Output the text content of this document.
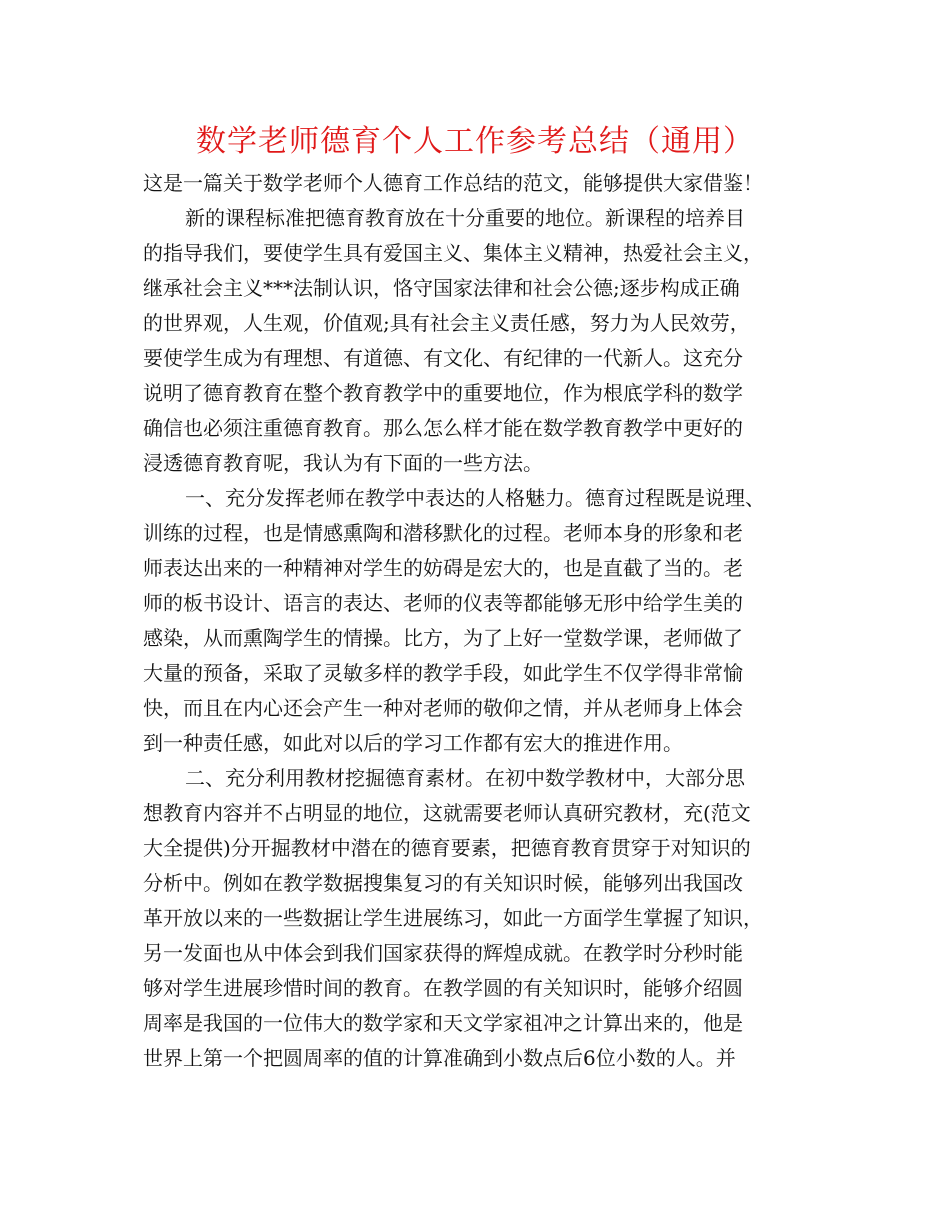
数学老师德育个人工作参考总结（通用）

这是一篇关于数学老师个人德育工作总结的范文，能够提供大家借鉴！

新的课程标准把德育教育放在十分重要的地位。新课程的培养目
的指导我们，要使学生具有爱国主义、集体主义精神，热爱社会主义，
继承社会主义***法制认识，恪守国家法律和社会公德;逐步构成正确
的世界观，人生观，价值观;具有社会主义责任感，努力为人民效劳，
要使学生成为有理想、有道德、有文化、有纪律的一代新人。这充分
说明了德育教育在整个教育教学中的重要地位，作为根底学科的数学
确信也必须注重德育教育。那么怎么样才能在数学教育教学中更好的
浸透德育教育呢，我认为有下面的一些方法。
一、充分发挥老师在教学中表达的人格魅力。德育过程既是说理、
训练的过程，也是情感熏陶和潜移默化的过程。老师本身的形象和老
师表达出来的一种精神对学生的妨碍是宏大的，也是直截了当的。老
师的板书设计、语言的表达、老师的仪表等都能够无形中给学生美的
感染，从而熏陶学生的情操。比方，为了上好一堂数学课，老师做了
大量的预备，采取了灵敏多样的教学手段，如此学生不仅学得非常愉
快，而且在内心还会产生一种对老师的敬仰之情，并从老师身上体会
到一种责任感，如此对以后的学习工作都有宏大的推进作用。
二、充分利用教材挖掘德育素材。在初中数学教材中，大部分思
想教育内容并不占明显的地位，这就需要老师认真研究教材，充(范文
大全提供)分开掘教材中潜在的德育要素，把德育教育贯穿于对知识的
分析中。例如在教学数据搜集复习的有关知识时候，能够列出我国改
革开放以来的一些数据让学生进展练习，如此一方面学生掌握了知识，
另一发面也从中体会到我们国家获得的辉煌成就。在教学时分秒时能
够对学生进展珍惜时间的教育。在教学圆的有关知识时，能够介绍圆
周率是我国的一位伟大的数学家和天文学家祖冲之计算出来的，他是
世界上第一个把圆周率的值的计算准确到小数点后6位小数的人。并
